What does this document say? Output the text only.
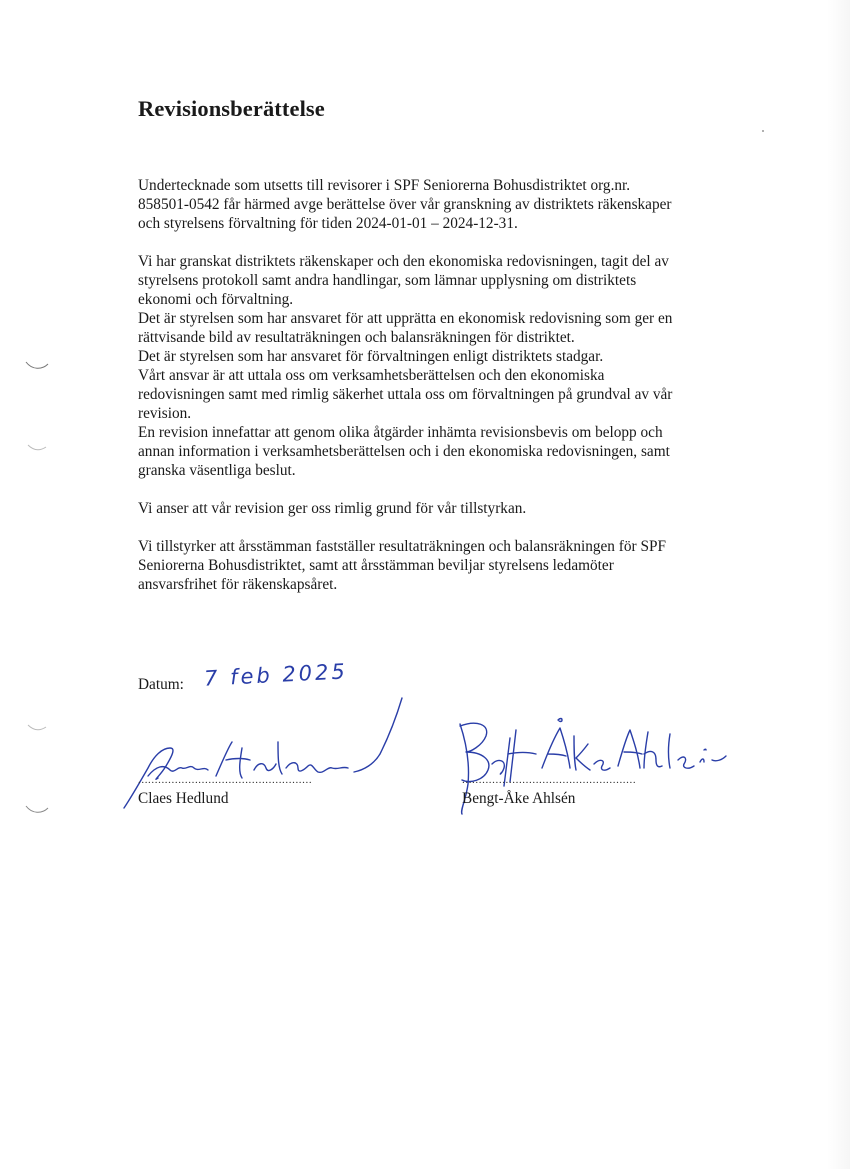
Revisionsberättelse

Undertecknade som utsetts till revisorer i SPF Seniorerna Bohusdistriktet org.nr.

858501-0542 får härmed avge berättelse över vår granskning av distriktets räkenskaper

och styrelsens förvaltning för tiden 2024-01-01 – 2024-12-31.

Vi har granskat distriktets räkenskaper och den ekonomiska redovisningen, tagit del av

styrelsens protokoll samt andra handlingar, som lämnar upplysning om distriktets

ekonomi och förvaltning.

Det är styrelsen som har ansvaret för att upprätta en ekonomisk redovisning som ger en

rättvisande bild av resultaträkningen och balansräkningen för distriktet.

Det är styrelsen som har ansvaret för förvaltningen enligt distriktets stadgar.

Vårt ansvar är att uttala oss om verksamhetsberättelsen och den ekonomiska

redovisningen samt med rimlig säkerhet uttala oss om förvaltningen på grundval av vår

revision.

En revision innefattar att genom olika åtgärder inhämta revisionsbevis om belopp och

annan information i verksamhetsberättelsen och i den ekonomiska redovisningen, samt

granska väsentliga beslut.

Vi anser att vår revision ger oss rimlig grund för vår tillstyrkan.

Vi tillstyrker att årsstämman fastställer resultaträkningen och balansräkningen för SPF

Seniorerna Bohusdistriktet, samt att årsstämman beviljar styrelsens ledamöter

ansvarsfrihet för räkenskapsåret.

Datum: 7 feb 2025
....................................................
Claes Hedlund
....................................................
Bengt-Åke Ahlsén
